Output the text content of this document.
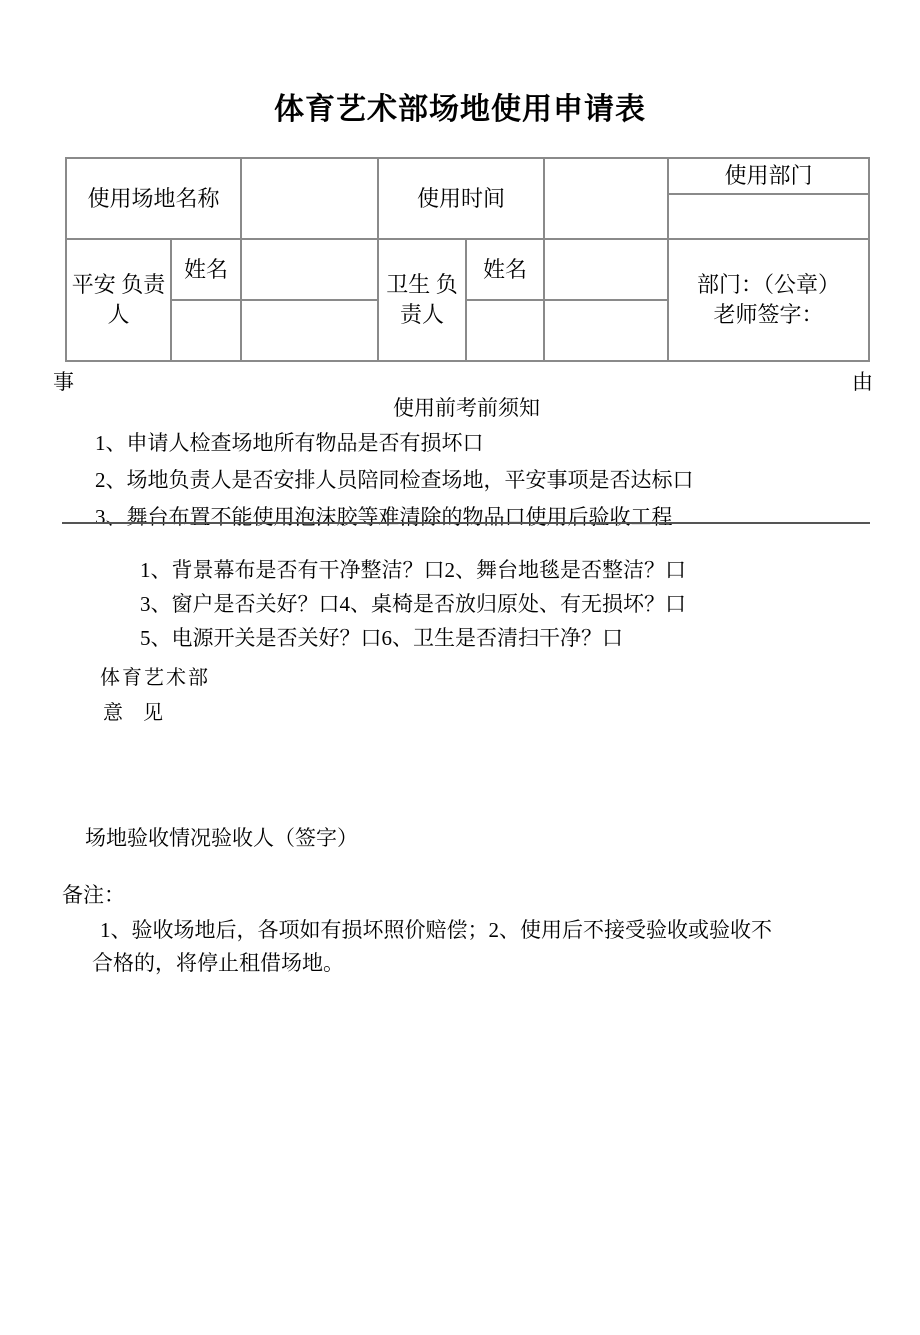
体育艺术部场地使用申请表
使用场地名称			使用时间			使用部门

平安 负责人	姓名		卫生 负责人	姓名		部门：（公章）
老师签字：

事	由
使用前考前须知
1、申请人检查场地所有物品是否有损坏口
2、场地负责人是否安排人员陪同检查场地，平安事项是否达标口
3、舞台布置不能使用泡沫胶等难清除的物品口使用后验收工程
1、背景幕布是否有干净整洁？口2、舞台地毯是否整洁？口
3、窗户是否关好？口4、桌椅是否放归原处、有无损坏？口
5、电源开关是否关好？口6、卫生是否清扫干净？口
体育艺术部
意　见
场地验收情况验收人（签字）
备注：
1、验收场地后，各项如有损坏照价赔偿；2、使用后不接受验收或验收不
合格的，将停止租借场地。
